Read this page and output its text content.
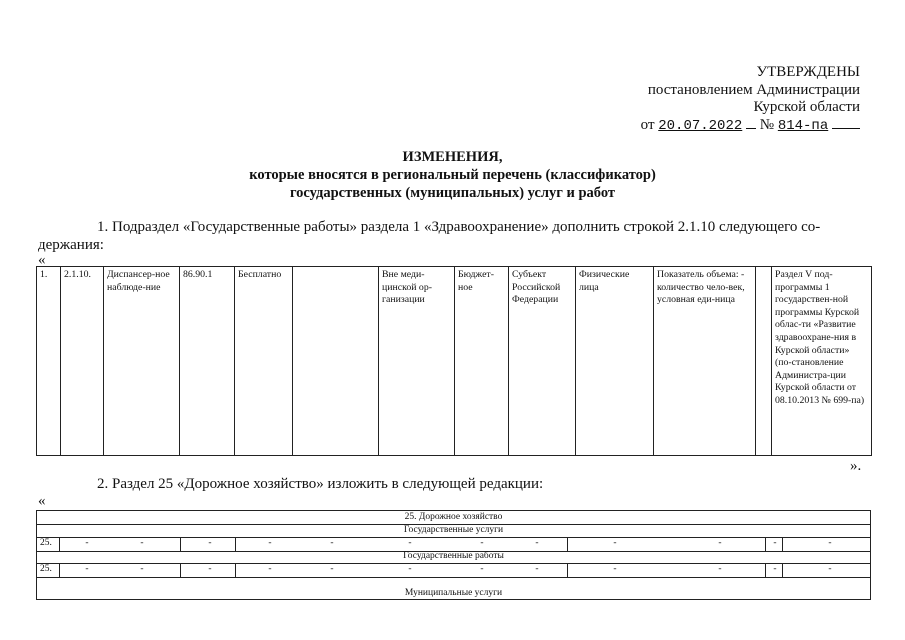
УТВЕРЖДЕНЫ
постановлением Администрации
Курской области
от 20.07.2022 № 814-па
ИЗМЕНЕНИЯ,
которые вносятся в региональный перечень (классификатор)
государственных (муниципальных) услуг и работ
1. Подраздел «Государственные работы» раздела 1 «Здравоохранение» дополнить строкой 2.1.10 следующего со-
держания:
«
1.	2.1.10.	Диспансер-ное наблюде-ние	86.90.1	Бесплатно		Вне меди-цинской ор-ганизации	Бюджет-ное	Субъект Российской Федерации	Физические лица	Показатель объема: - количество чело-век, условная еди-ница		Раздел V под-программы 1 государствен-ной программы Курской облас-ти «Развитие здравоохране-ния в Курской области» (по-становление Администра-ции Курской области от 08.10.2013 № 699-па)
».
2. Раздел 25 «Дорожное хозяйство» изложить в следующей редакции:
«
25. Дорожное хозяйство
Государственные услуги
25.	-	-	-	-	-	-	-	-	-	-	-	-
Государственные работы
25.	-	-	-	-	-	-	-	-	-	-	-	-
Муниципальные услуги
